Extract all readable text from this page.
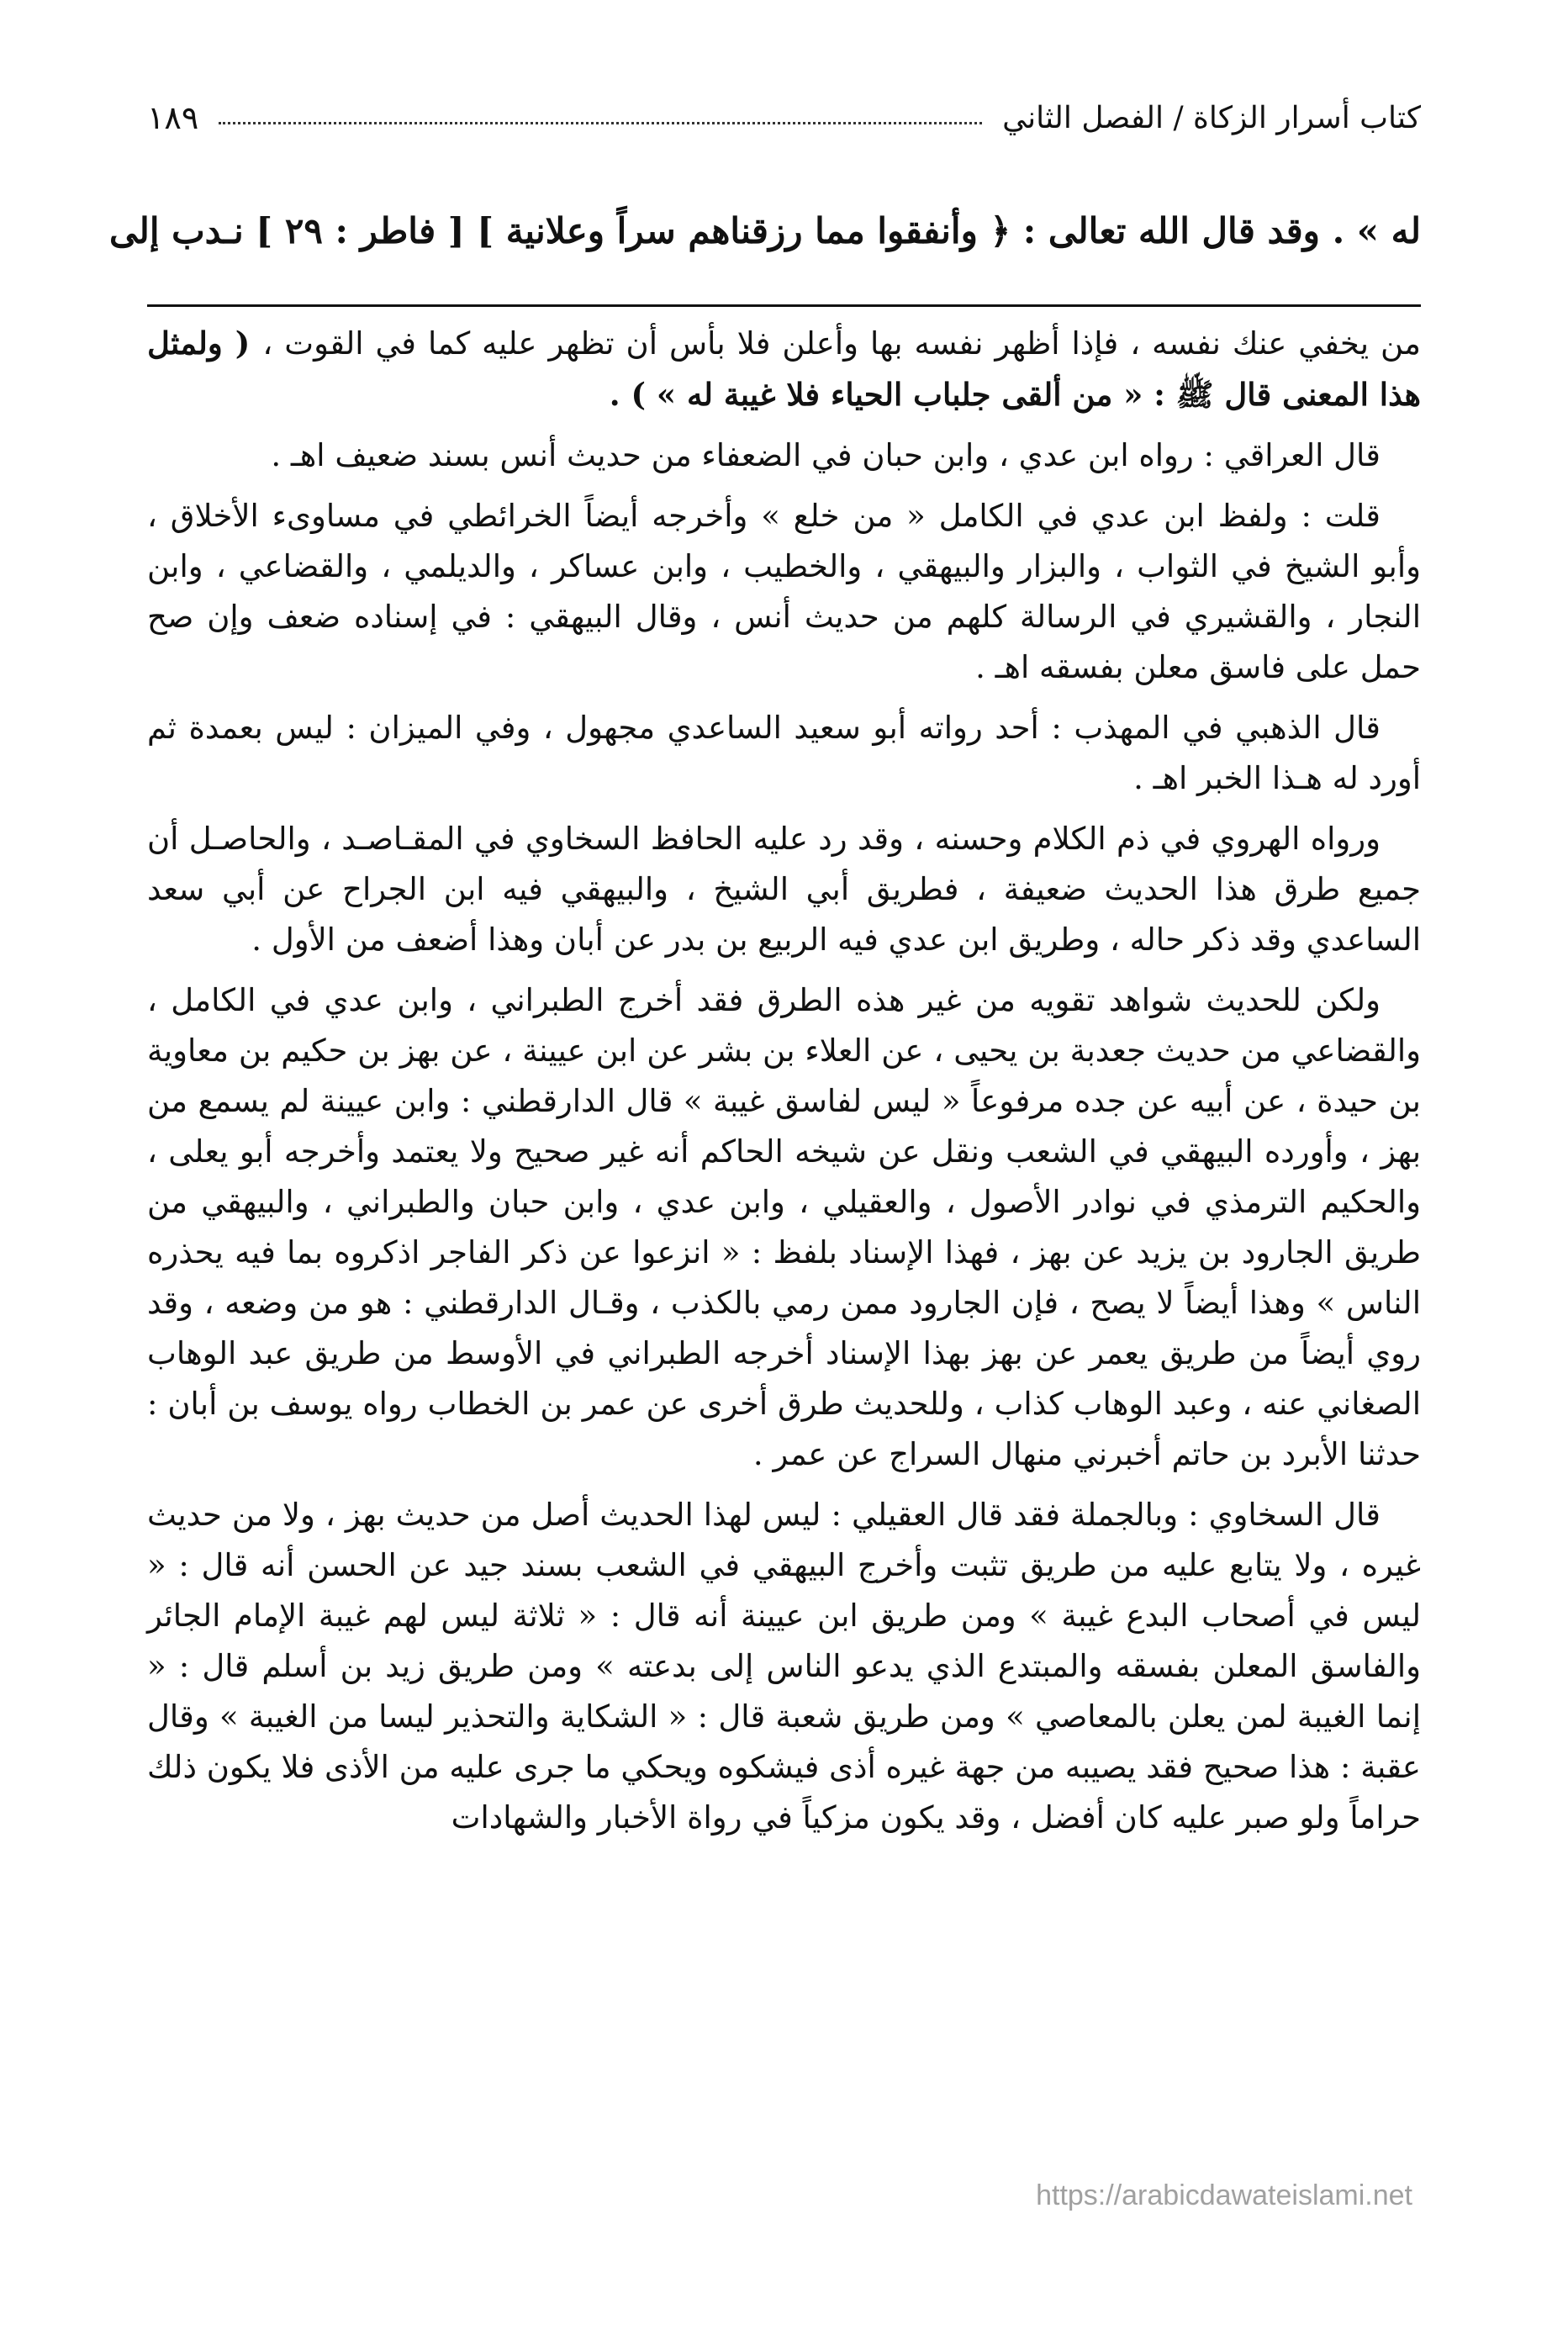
١٨٩	كتاب أسرار الزكاة / الفصل الثاني
له » . وقد قال الله تعالى : ﴿ وأنفقوا مما رزقناهم سراً وعلانية ] [ فاطر : ٢٩ ] نـدب إلى

من يخفي عنك نفسه ، فإذا أظهر نفسه بها وأعلن فلا بأس أن تظهر عليه كما في القوت ، ( ولمثل هذا المعنى قال ﷺ : « من ألقى جلباب الحياء فلا غيبة له » ) .

قال العراقي : رواه ابن عدي ، وابن حبان في الضعفاء من حديث أنس بسند ضعيف اهـ .

قلت : ولفظ ابن عدي في الكامل « من خلع » وأخرجه أيضاً الخرائطي في مساوىء الأخلاق ، وأبو الشيخ في الثواب ، والبزار والبيهقي ، والخطيب ، وابن عساكر ، والديلمي ، والقضاعي ، وابن النجار ، والقشيري في الرسالة كلهم من حديث أنس ، وقال البيهقي : في إسناده ضعف وإن صح حمل على فاسق معلن بفسقه اهـ .

قال الذهبي في المهذب : أحد رواته أبو سعيد الساعدي مجهول ، وفي الميزان : ليس بعمدة ثم أورد له هـذا الخبر اهـ .

ورواه الهروي في ذم الكلام وحسنه ، وقد رد عليه الحافظ السخاوي في المقـاصـد ، والحاصـل أن جميع طرق هذا الحديث ضعيفة ، فطريق أبي الشيخ ، والبيهقي فيه ابن الجراح عن أبي سعد الساعدي وقد ذكر حاله ، وطريق ابن عدي فيه الربيع بن بدر عن أبان وهذا أضعف من الأول .

ولكن للحديث شواهد تقويه من غير هذه الطرق فقد أخرج الطبراني ، وابن عدي في الكامل ، والقضاعي من حديث جعدبة بن يحيى ، عن العلاء بن بشر عن ابن عيينة ، عن بهز بن حكيم بن معاوية بن حيدة ، عن أبيه عن جده مرفوعاً « ليس لفاسق غيبة » قال الدارقطني : وابن عيينة لم يسمع من بهز ، وأورده البيهقي في الشعب ونقل عن شيخه الحاكم أنه غير صحيح ولا يعتمد وأخرجه أبو يعلى ، والحكيم الترمذي في نوادر الأصول ، والعقيلي ، وابن عدي ، وابن حبان والطبراني ، والبيهقي من طريق الجارود بن يزيد عن بهز ، فهذا الإسناد بلفظ : « انزعوا عن ذكر الفاجر اذكروه بما فيه يحذره الناس » وهذا أيضاً لا يصح ، فإن الجارود ممن رمي بالكذب ، وقـال الدارقطني : هو من وضعه ، وقد روي أيضاً من طريق يعمر عن بهز بهذا الإسناد أخرجه الطبراني في الأوسط من طريق عبد الوهاب الصغاني عنه ، وعبد الوهاب كذاب ، وللحديث طرق أخرى عن عمر بن الخطاب رواه يوسف بن أبان : حدثنا الأبرد بن حاتم أخبرني منهال السراج عن عمر .

قال السخاوي : وبالجملة فقد قال العقيلي : ليس لهذا الحديث أصل من حديث بهز ، ولا من حديث غيره ، ولا يتابع عليه من طريق تثبت وأخرج البيهقي في الشعب بسند جيد عن الحسن أنه قال : « ليس في أصحاب البدع غيبة » ومن طريق ابن عيينة أنه قال : « ثلاثة ليس لهم غيبة الإمام الجائر والفاسق المعلن بفسقه والمبتدع الذي يدعو الناس إلى بدعته » ومن طريق زيد بن أسلم قال : « إنما الغيبة لمن يعلن بالمعاصي » ومن طريق شعبة قال : « الشكاية والتحذير ليسا من الغيبة » وقال عقبة : هذا صحيح فقد يصيبه من جهة غيره أذى فيشكوه ويحكي ما جرى عليه من الأذى فلا يكون ذلك حراماً ولو صبر عليه كان أفضل ، وقد يكون مزكياً في رواة الأخبار والشهادات

https://arabicdawateislami.net
